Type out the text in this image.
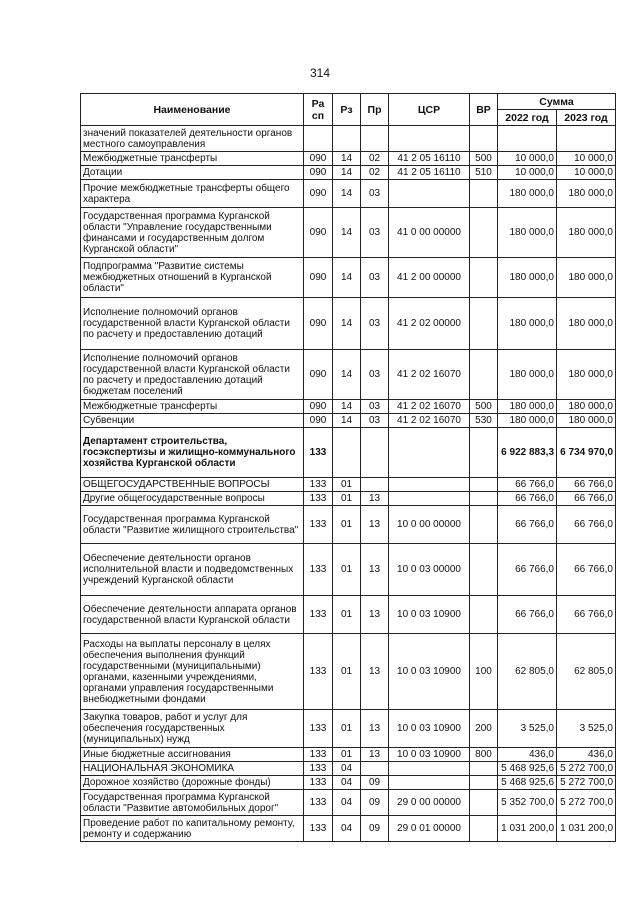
314
Наименование	Ра сп	Рз	Пр	ЦСР	ВР	Сумма	
						2022 год	2023 год
значений показателей деятельности органов местного самоуправления							
Межбюджетные трансферты	090	14	02	41 2 05 16110	500	10 000,0	10 000,0
Дотации	090	14	02	41 2 05 16110	510	10 000,0	10 000,0
Прочие межбюджетные трансферты общего характера	090	14	03			180 000,0	180 000,0
Государственная программа Курганской области "Управление государственными финансами и государственным долгом Курганской области"	090	14	03	41 0 00 00000		180 000,0	180 000,0
Подпрограмма "Развитие системы межбюджетных отношений в Курганской области"	090	14	03	41 2 00 00000		180 000,0	180 000,0
Исполнение полномочий органов государственной власти Курганской области по расчету и предоставлению дотаций	090	14	03	41 2 02 00000		180 000,0	180 000,0
Исполнение полномочий органов государственной власти Курганской области по расчету и предоставлению дотаций бюджетам поселений	090	14	03	41 2 02 16070		180 000,0	180 000,0
Межбюджетные трансферты	090	14	03	41 2 02 16070	500	180 000,0	180 000,0
Субвенции	090	14	03	41 2 02 16070	530	180 000,0	180 000,0
Департамент строительства, госэкспертизы и жилищно-коммунального хозяйства Курганской области	133					6 922 883,3	6 734 970,0
ОБЩЕГОСУДАРСТВЕННЫЕ ВОПРОСЫ	133	01				66 766,0	66 766,0
Другие общегосударственные вопросы	133	01	13			66 766,0	66 766,0
Государственная программа Курганской области "Развитие жилищного строительства"	133	01	13	10 0 00 00000		66 766,0	66 766,0
Обеспечение деятельности органов исполнительной власти и подведомственных учреждений Курганской области	133	01	13	10 0 03 00000		66 766,0	66 766,0
Обеспечение деятельности аппарата органов государственной власти Курганской области	133	01	13	10 0 03 10900		66 766,0	66 766,0
Расходы на выплаты персоналу в целях обеспечения выполнения функций государственными (муниципальными) органами, казенными учреждениями, органами управления государственными внебюджетными фондами	133	01	13	10 0 03 10900	100	62 805,0	62 805,0
Закупка товаров, работ и услуг для обеспечения государственных (муниципальных) нужд	133	01	13	10 0 03 10900	200	3 525,0	3 525,0
Иные бюджетные ассигнования	133	01	13	10 0 03 10900	800	436,0	436,0
НАЦИОНАЛЬНАЯ ЭКОНОМИКА	133	04				5 468 925,6	5 272 700,0
Дорожное хозяйство (дорожные фонды)	133	04	09			5 468 925,6	5 272 700,0
Государственная программа Курганской области "Развитие автомобильных дорог"	133	04	09	29 0 00 00000		5 352 700,0	5 272 700,0
Проведение работ по капитальному ремонту, ремонту и содержанию	133	04	09	29 0 01 00000		1 031 200,0	1 031 200,0
